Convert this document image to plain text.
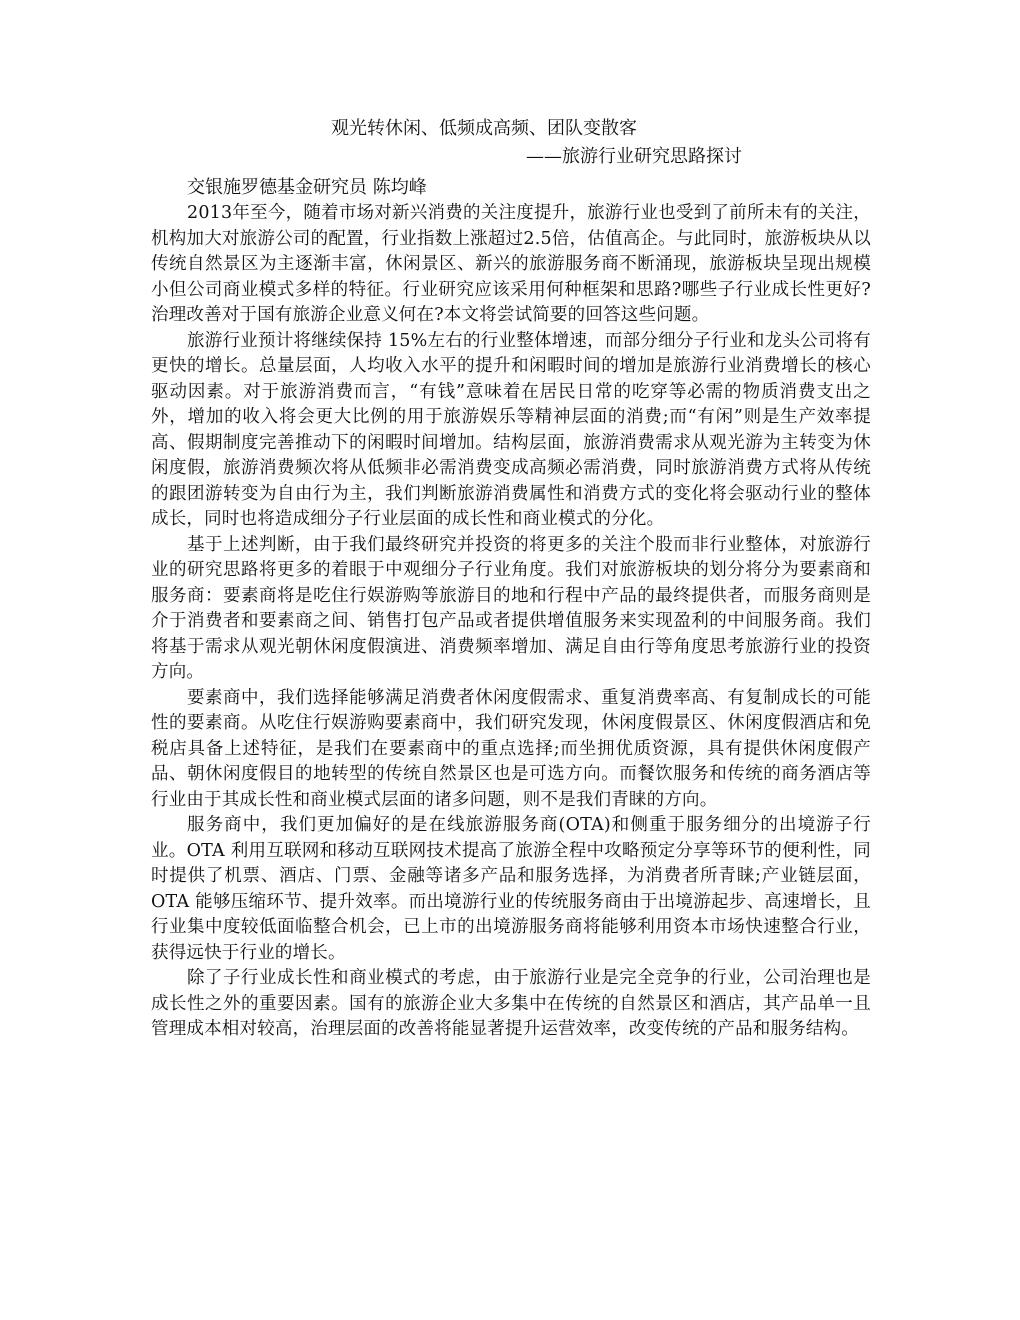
观光转休闲、低频成高频、团队变散客
——旅游行业研究思路探讨
交银施罗德基金研究员 陈均峰

2013年至今，随着市场对新兴消费的关注度提升，旅游行业也受到了前所未有的关注，机构加大对旅游公司的配置，行业指数上涨超过2.5倍，估值高企。与此同时，旅游板块从以传统自然景区为主逐渐丰富，休闲景区、新兴的旅游服务商不断涌现，旅游板块呈现出规模小但公司商业模式多样的特征。行业研究应该采用何种框架和思路?哪些子行业成长性更好?治理改善对于国有旅游企业意义何在?本文将尝试简要的回答这些问题。

旅游行业预计将继续保持 15%左右的行业整体增速，而部分细分子行业和龙头公司将有更快的增长。总量层面，人均收入水平的提升和闲暇时间的增加是旅游行业消费增长的核心驱动因素。对于旅游消费而言，“有钱”意味着在居民日常的吃穿等必需的物质消费支出之外，增加的收入将会更大比例的用于旅游娱乐等精神层面的消费;而“有闲”则是生产效率提高、假期制度完善推动下的闲暇时间增加。结构层面，旅游消费需求从观光游为主转变为休闲度假，旅游消费频次将从低频非必需消费变成高频必需消费，同时旅游消费方式将从传统的跟团游转变为自由行为主，我们判断旅游消费属性和消费方式的变化将会驱动行业的整体成长，同时也将造成细分子行业层面的成长性和商业模式的分化。

基于上述判断，由于我们最终研究并投资的将更多的关注个股而非行业整体，对旅游行业的研究思路将更多的着眼于中观细分子行业角度。我们对旅游板块的划分将分为要素商和服务商：要素商将是吃住行娱游购等旅游目的地和行程中产品的最终提供者，而服务商则是介于消费者和要素商之间、销售打包产品或者提供增值服务来实现盈利的中间服务商。我们将基于需求从观光朝休闲度假演进、消费频率增加、满足自由行等角度思考旅游行业的投资方向。

要素商中，我们选择能够满足消费者休闲度假需求、重复消费率高、有复制成长的可能性的要素商。从吃住行娱游购要素商中，我们研究发现，休闲度假景区、休闲度假酒店和免税店具备上述特征，是我们在要素商中的重点选择;而坐拥优质资源，具有提供休闲度假产品、朝休闲度假目的地转型的传统自然景区也是可选方向。而餐饮服务和传统的商务酒店等行业由于其成长性和商业模式层面的诸多问题，则不是我们青睐的方向。

服务商中，我们更加偏好的是在线旅游服务商(OTA)和侧重于服务细分的出境游子行业。OTA 利用互联网和移动互联网技术提高了旅游全程中攻略预定分享等环节的便利性，同时提供了机票、酒店、门票、金融等诸多产品和服务选择，为消费者所青睐;产业链层面，OTA 能够压缩环节、提升效率。而出境游行业的传统服务商由于出境游起步、高速增长，且行业集中度较低面临整合机会，已上市的出境游服务商将能够利用资本市场快速整合行业，获得远快于行业的增长。

除了子行业成长性和商业模式的考虑，由于旅游行业是完全竞争的行业，公司治理也是成长性之外的重要因素。国有的旅游企业大多集中在传统的自然景区和酒店，其产品单一且管理成本相对较高，治理层面的改善将能显著提升运营效率，改变传统的产品和服务结构。
